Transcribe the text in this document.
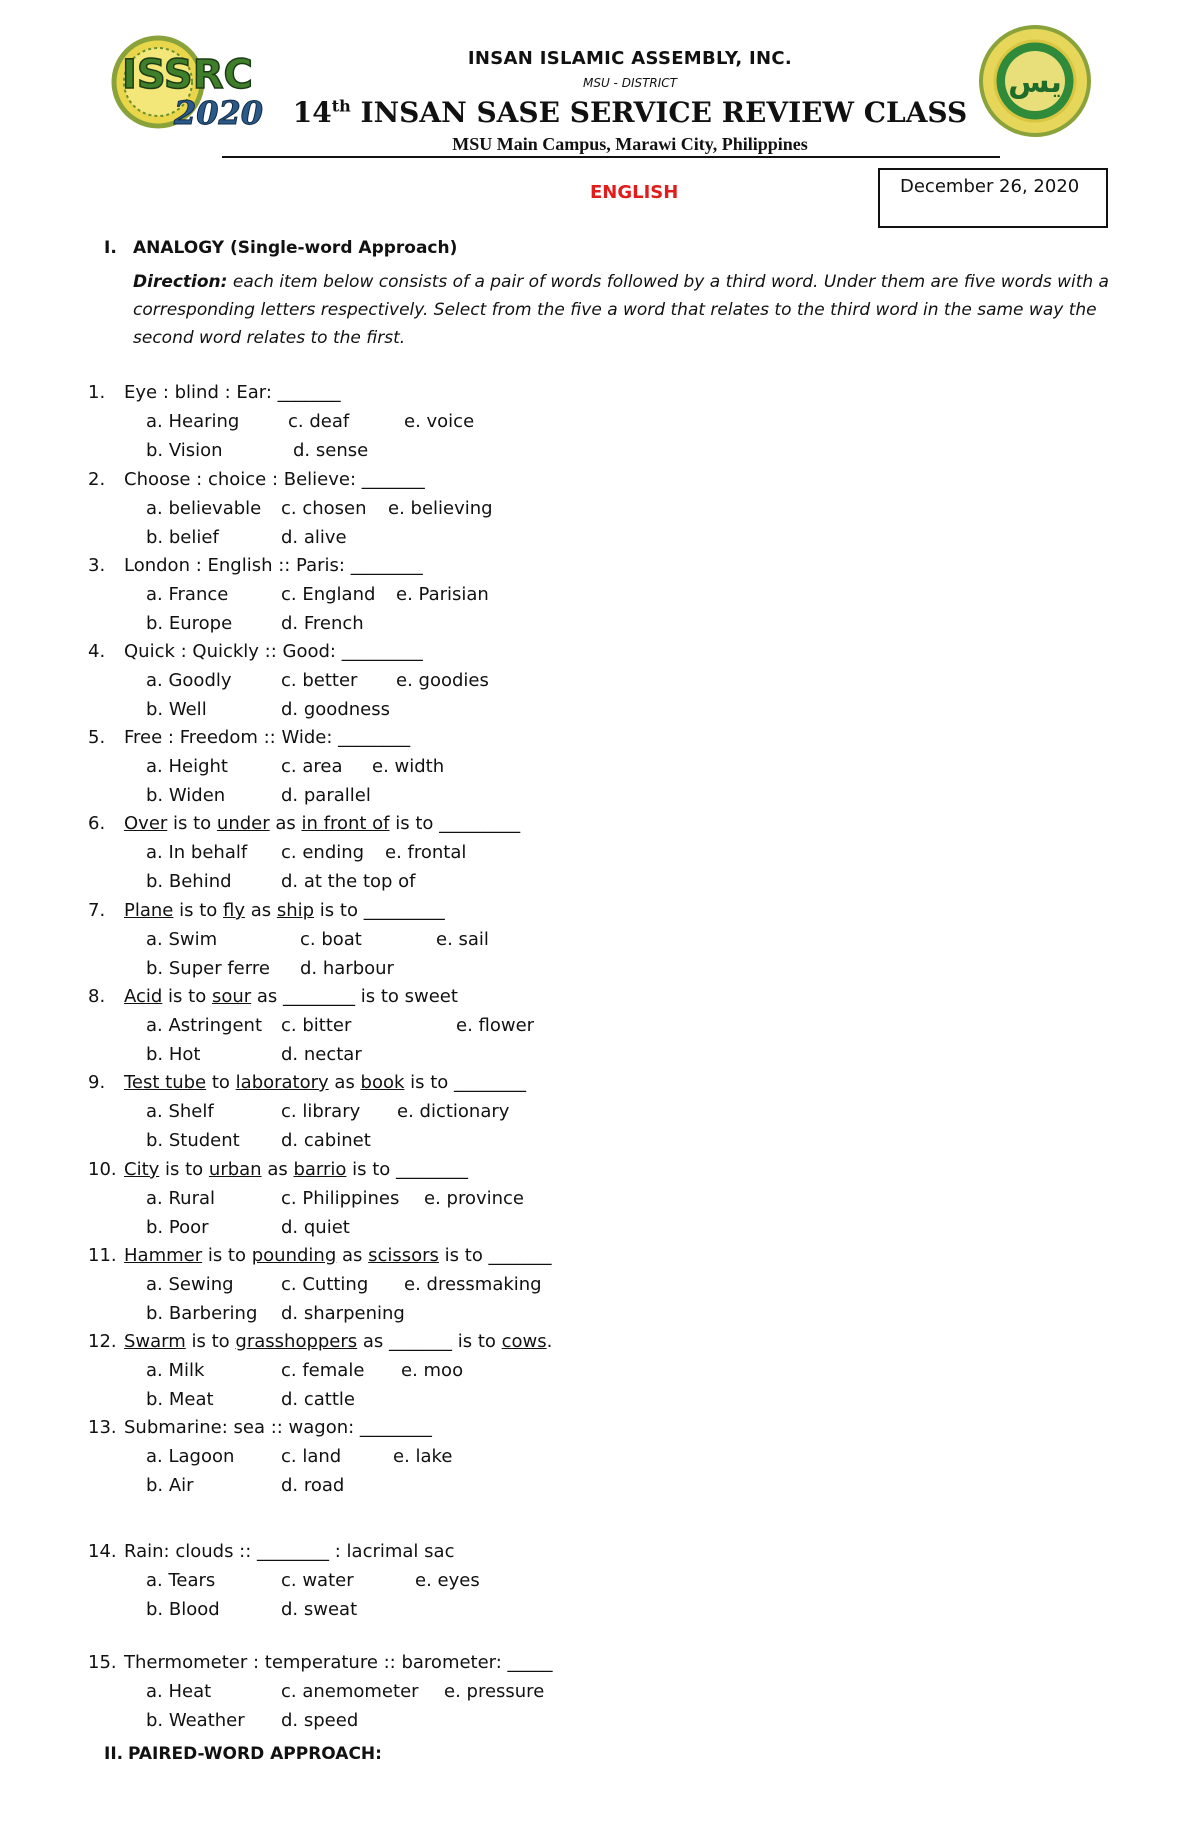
ISSRC
2020
INSAN ISLAMIC ASSEMBLY, INC.
MSU - DISTRICT
14th INSAN SASE SERVICE REVIEW CLASS
MSU Main Campus, Marawi City, Philippines
يس
ENGLISH	December 26, 2020
I. ANALOGY (Single-word Approach)
Direction: each item below consists of a pair of words followed by a third word. Under them are five words with a corresponding letters respectively. Select from the five a word that relates to the third word in the same way the second word relates to the first.
1.	Eye : blind : Ear: _______
a. Hearing	c. deaf	e. voice
b. Vision	d. sense
2.	Choose : choice : Believe: _______
a. believable c. chosen e. believing
b. belief	d. alive
3.	London : English :: Paris: ________
a. France	c. England e. Parisian
b. Europe	d. French
4.	Quick : Quickly :: Good: _________
a. Goodly	c. better e. goodies
b. Well	d. goodness
5.	Free : Freedom :: Wide: ________
a. Height	c. area e. width
b. Widen	d. parallel
6.	Over is to under as in front of is to _________
a. In behalf c. ending e. frontal
b. Behind	d. at the top of
7.	Plane is to fly as ship is to _________
a. Swim	c. boat	e. sail
b. Super ferre d. harbour
8.	Acid is to sour as ________ is to sweet
a. Astringent c. bitter	e. flower
b. Hot	d. nectar
9.	Test tube to laboratory as book is to ________
a. Shelf	c. library e. dictionary
b. Student d. cabinet
10. City is to urban as barrio is to ________
a. Rural	c. Philippines e. province
b. Poor	d. quiet
11. Hammer is to pounding as scissors is to _______
a. Sewing	c. Cutting e. dressmaking
b. Barbering d. sharpening
12. Swarm is to grasshoppers as _______ is to cows.
a. Milk	c. female e. moo
b. Meat	d. cattle
13. Submarine: sea :: wagon: ________
a. Lagoon	c. land	e. lake
b. Air	d. road
14. Rain: clouds :: ________ : lacrimal sac
a. Tears	c. water	e. eyes
b. Blood	d. sweat
15. Thermometer : temperature :: barometer: _____
a. Heat	c. anemometer e. pressure
b. Weather d. speed
II. PAIRED-WORD APPROACH:
